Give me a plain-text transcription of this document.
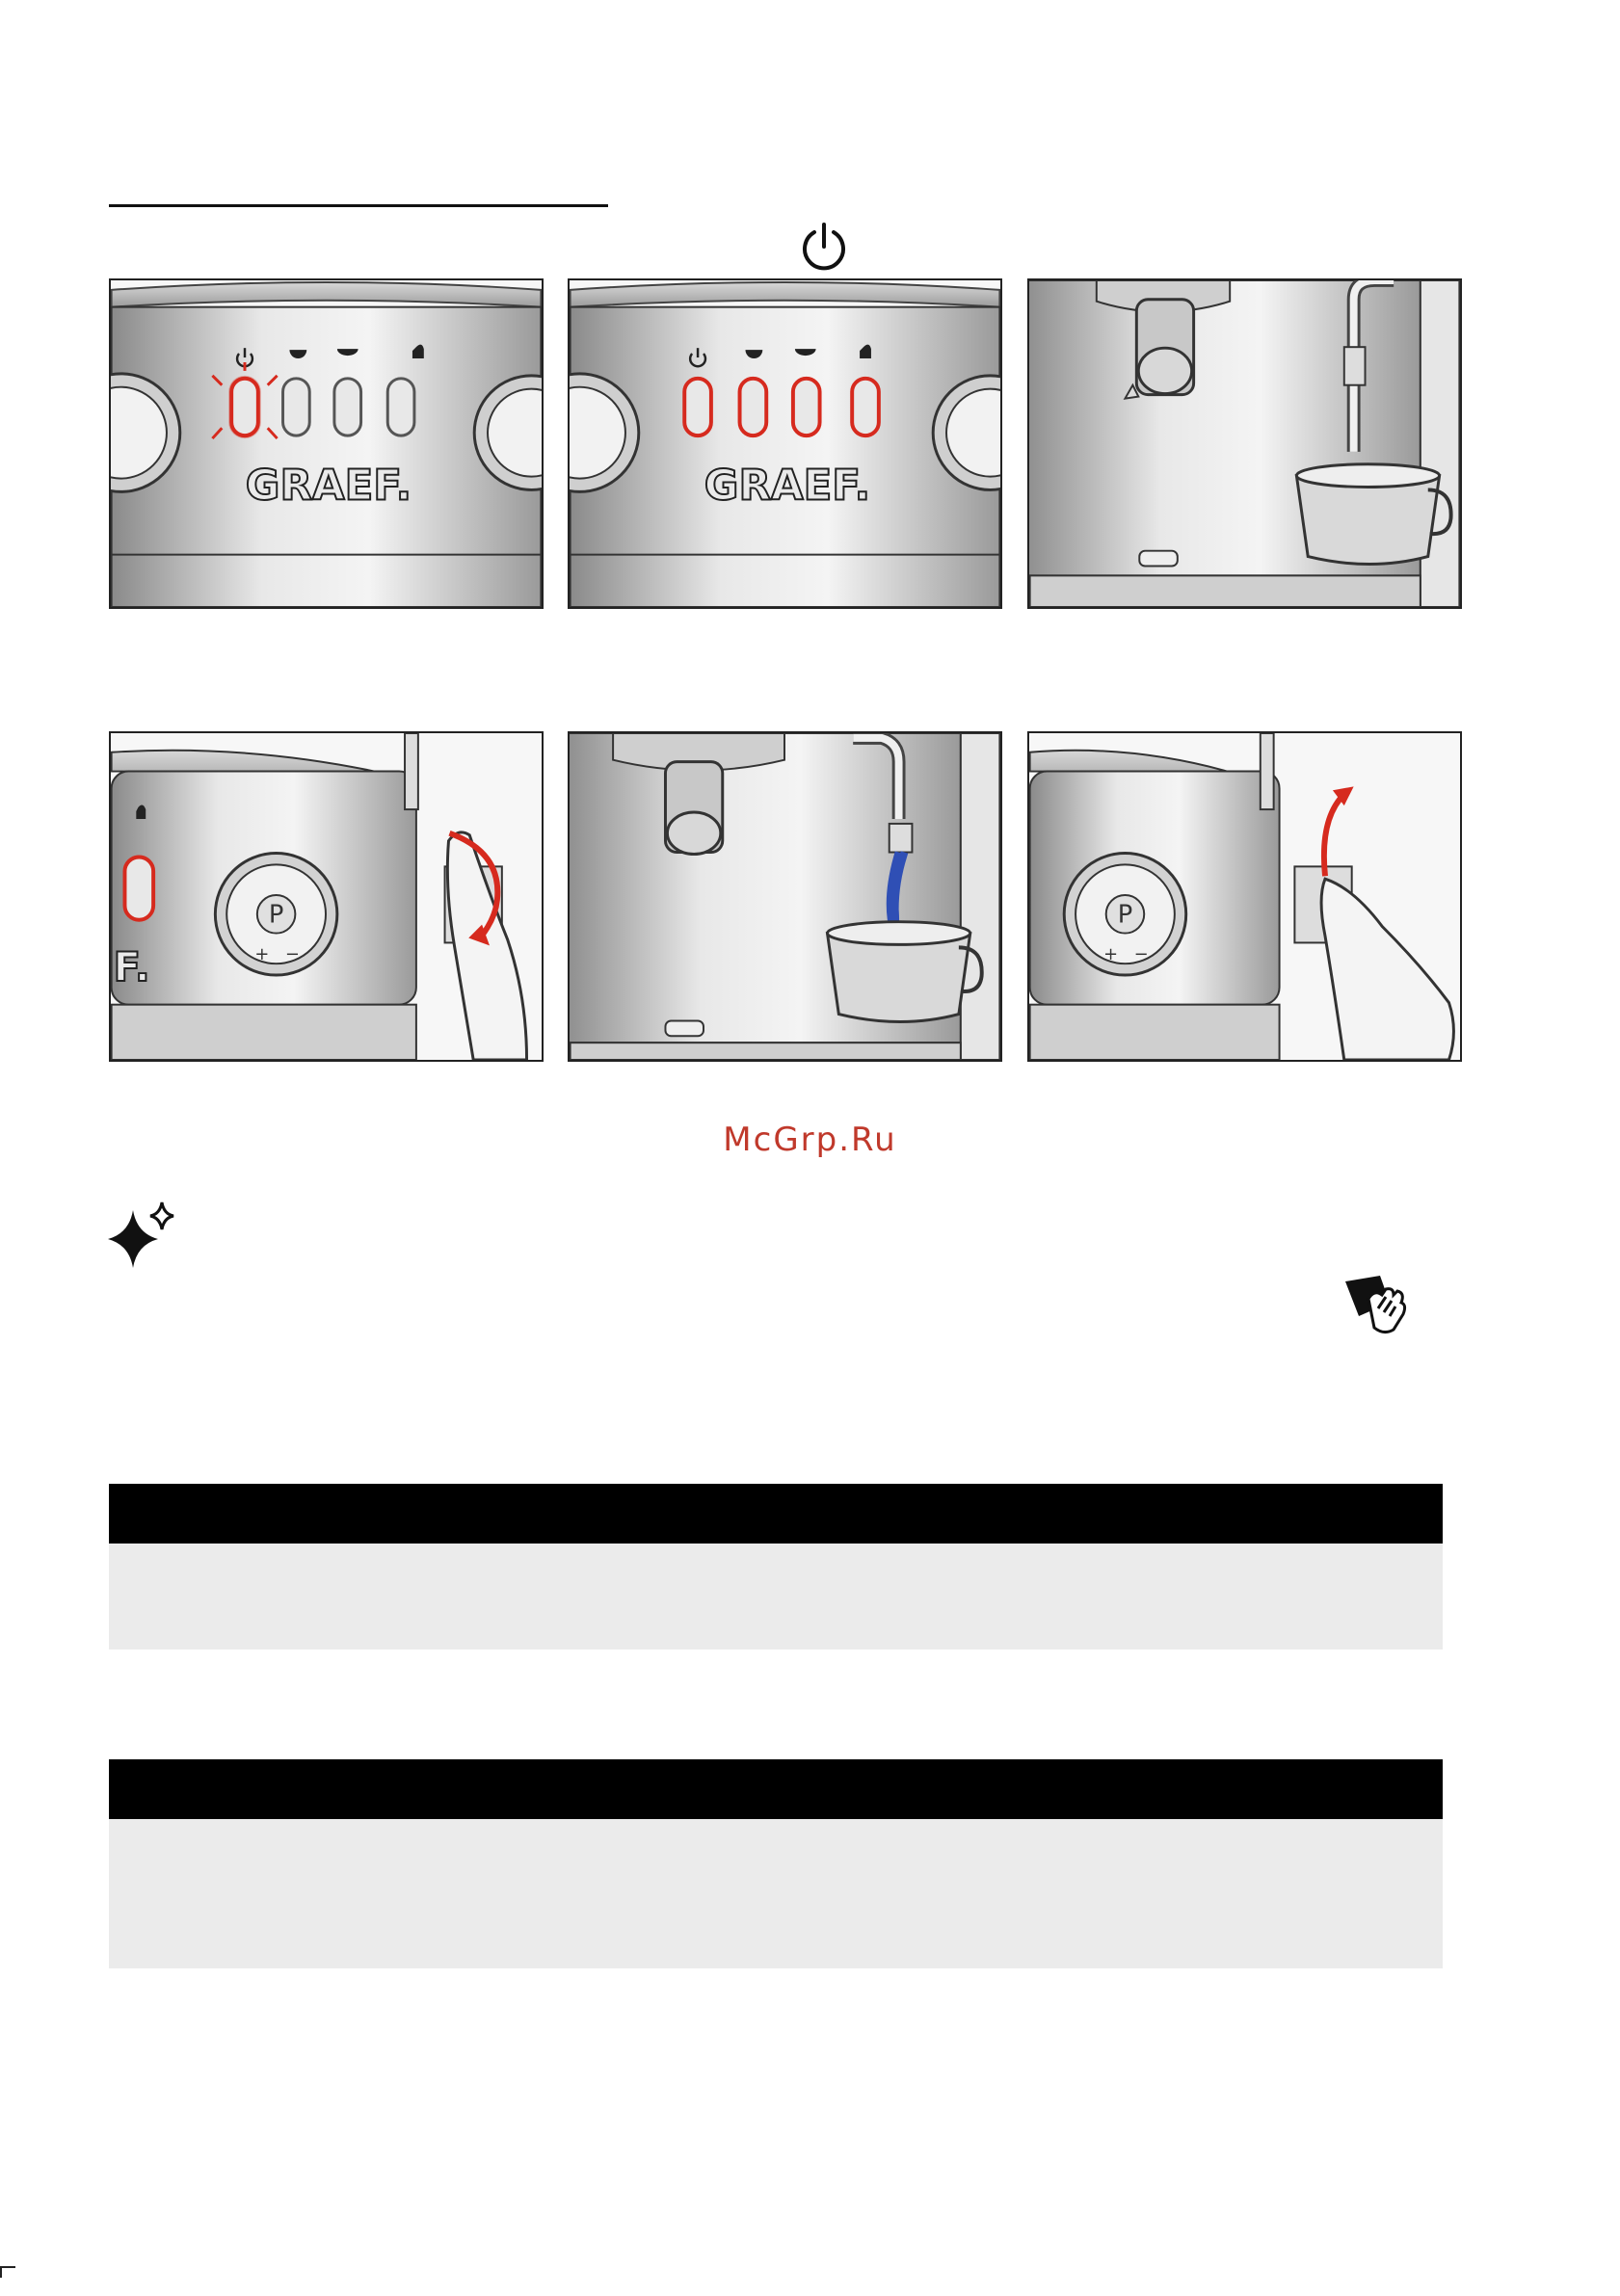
GRAEF.	GRAEF.
F.
P
+ −
P
+ −
McGrp.Ru
